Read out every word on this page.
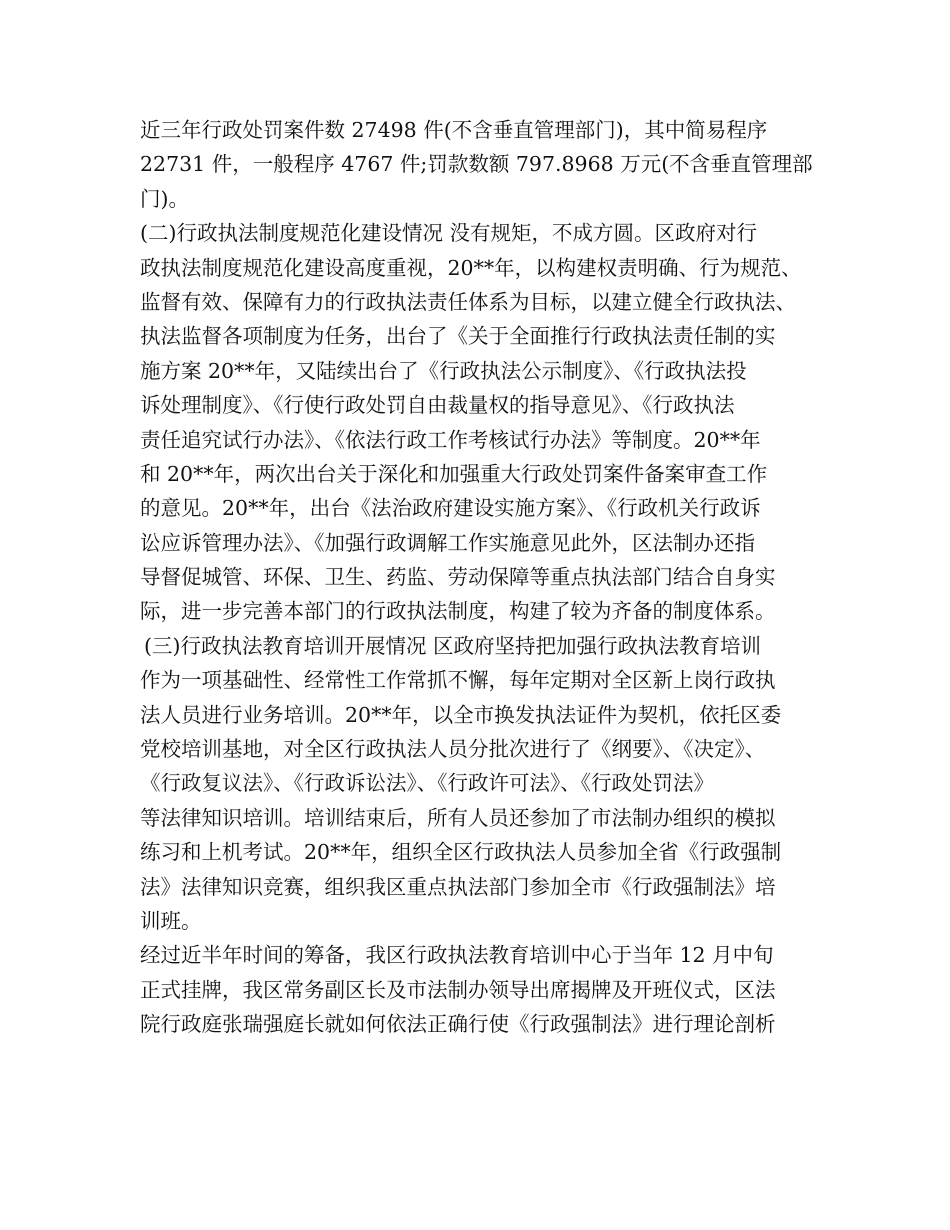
近三年行政处罚案件数 27498 件(不含垂直管理部门)，其中简易程序
22731 件，一般程序 4767 件;罚款数额 797.8968 万元(不含垂直管理部
门)。
(二)行政执法制度规范化建设情况 没有规矩，不成方圆。区政府对行
政执法制度规范化建设高度重视，20**年，以构建权责明确、行为规范、
监督有效、保障有力的行政执法责任体系为目标，以建立健全行政执法、
执法监督各项制度为任务，出台了《关于全面推行行政执法责任制的实
施方案 20**年，又陆续出台了《行政执法公示制度》、《行政执法投
诉处理制度》、《行使行政处罚自由裁量权的指导意见》、《行政执法
责任追究试行办法》、《依法行政工作考核试行办法》等制度。20**年
和 20**年，两次出台关于深化和加强重大行政处罚案件备案审查工作
的意见。20**年，出台《法治政府建设实施方案》、《行政机关行政诉
讼应诉管理办法》、《加强行政调解工作实施意见此外，区法制办还指
导督促城管、环保、卫生、药监、劳动保障等重点执法部门结合自身实
际，进一步完善本部门的行政执法制度，构建了较为齐备的制度体系。
(三)行政执法教育培训开展情况 区政府坚持把加强行政执法教育培训
作为一项基础性、经常性工作常抓不懈，每年定期对全区新上岗行政执
法人员进行业务培训。20**年，以全市换发执法证件为契机，依托区委
党校培训基地，对全区行政执法人员分批次进行了《纲要》、《决定》、
《行政复议法》、《行政诉讼法》、《行政许可法》、《行政处罚法》
等法律知识培训。培训结束后，所有人员还参加了市法制办组织的模拟
练习和上机考试。20**年，组织全区行政执法人员参加全省《行政强制
法》法律知识竞赛，组织我区重点执法部门参加全市《行政强制法》培
训班。
经过近半年时间的筹备，我区行政执法教育培训中心于当年 12 月中旬
正式挂牌，我区常务副区长及市法制办领导出席揭牌及开班仪式，区法
院行政庭张瑞强庭长就如何依法正确行使《行政强制法》进行理论剖析
